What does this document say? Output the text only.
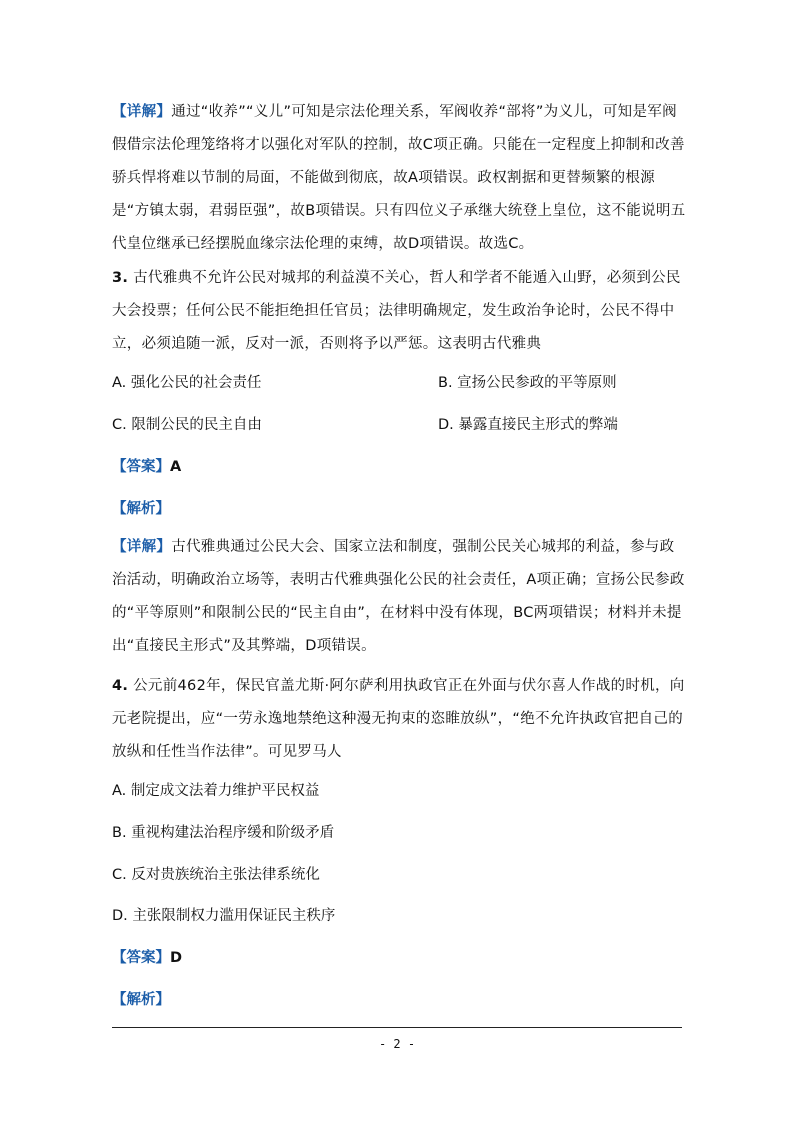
【详解】通过“收养”“义儿”可知是宗法伦理关系，军阀收养“部将”为义儿，可知是军阀假借宗法伦理笼络将才以强化对军队的控制，故C项正确。只能在一定程度上抑制和改善骄兵悍将难以节制的局面，不能做到彻底，故A项错误。政权割据和更替频繁的根源是“方镇太弱，君弱臣强”，故B项错误。只有四位义子承继大统登上皇位，这不能说明五代皇位继承已经摆脱血缘宗法伦理的束缚，故D项错误。故选C。
3. 古代雅典不允许公民对城邦的利益漠不关心，哲人和学者不能遁入山野，必须到公民大会投票；任何公民不能拒绝担任官员；法律明确规定，发生政治争论时，公民不得中立，必须追随一派，反对一派，否则将予以严惩。这表明古代雅典
A. 强化公民的社会责任	B. 宣扬公民参政的平等原则
C. 限制公民的民主自由	D. 暴露直接民主形式的弊端
【答案】A
【解析】
【详解】古代雅典通过公民大会、国家立法和制度，强制公民关心城邦的利益，参与政治活动，明确政治立场等，表明古代雅典强化公民的社会责任，A项正确；宣扬公民参政的“平等原则”和限制公民的“民主自由”，在材料中没有体现，BC两项错误；材料并未提出“直接民主形式”及其弊端，D项错误。
4. 公元前462年，保民官盖尤斯·阿尔萨利用执政官正在外面与伏尔喜人作战的时机，向元老院提出，应“一劳永逸地禁绝这种漫无拘束的恣睢放纵”，“绝不允许执政官把自己的放纵和任性当作法律”。可见罗马人
A. 制定成文法着力维护平民权益
B. 重视构建法治程序缓和阶级矛盾
C. 反对贵族统治主张法律系统化
D. 主张限制权力滥用保证民主秩序
【答案】D
【解析】
- 2 -
